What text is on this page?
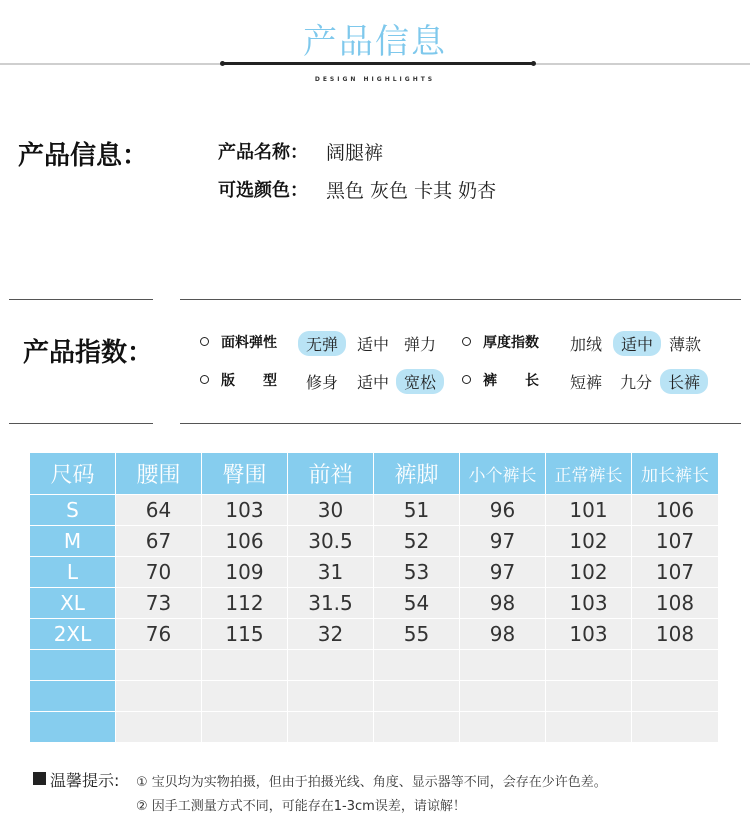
产品信息
DESIGN HIGHLIGHTS
产品信息：	产品名称： 阔腿裤
可选颜色： 黑色 灰色 卡其 奶杏
产品指数：	面料弹性	无弹	适中 弹力	厚度指数 加绒	适中 薄款
版　　型 修身 适中 宽松	裤　　长 短裤 九分 长裤
尺码	腰围	臀围	前裆	裤脚	小个裤长	正常裤长	加长裤长
S	64	103	30	51	96	101	106
M	67	106	30.5	52	97	102	107
L	70	109	31	53	97	102	107
XL	73	112	31.5	54	98	103	108
2XL	76	115	32	55	98	103	108

温馨提示: ① 宝贝均为实物拍摄，但由于拍摄光线、角度、显示器等不同，会存在少许色差。
② 因手工测量方式不同，可能存在1-3cm误差，请谅解！
